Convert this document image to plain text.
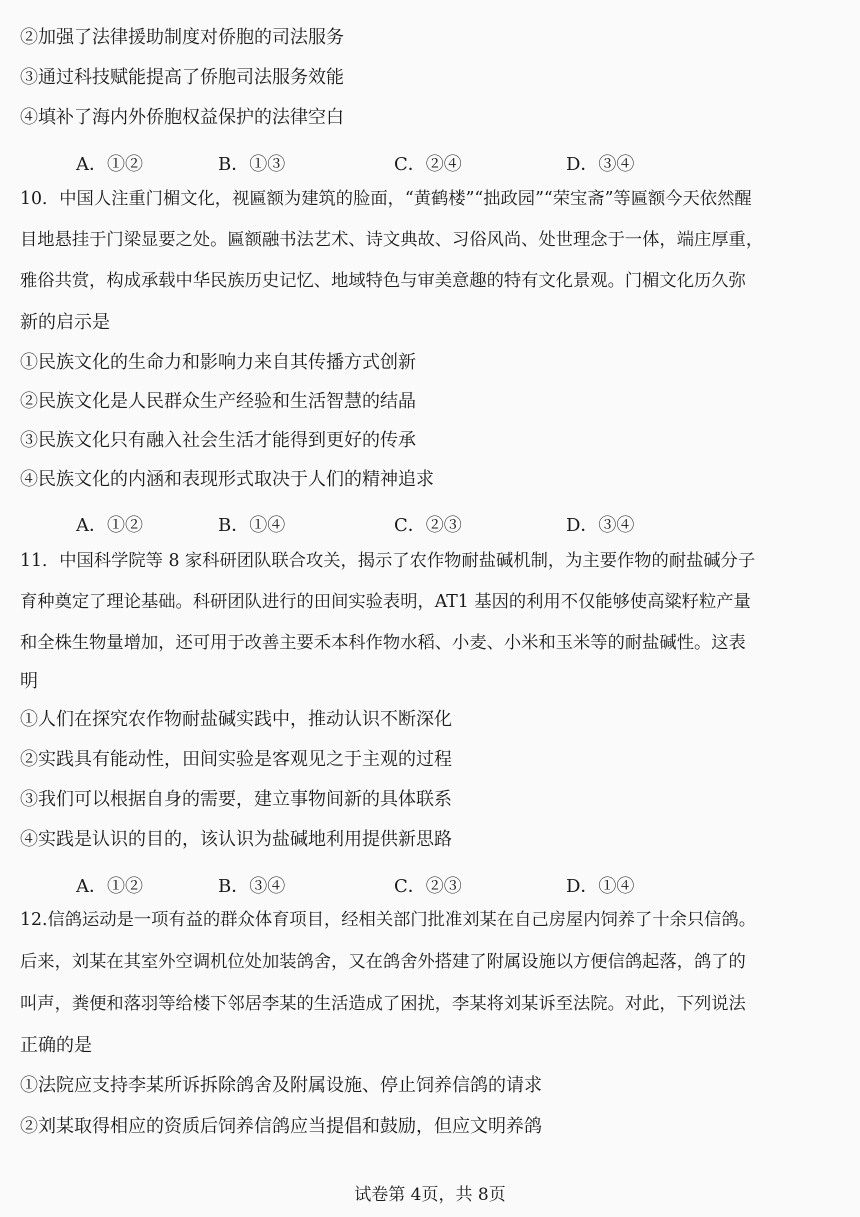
②加强了法律援助制度对侨胞的司法服务
③通过科技赋能提高了侨胞司法服务效能
④填补了海内外侨胞权益保护的法律空白
A．①②	B．①③	C．②④	D．③④
10．中国人注重门楣文化，视匾额为建筑的脸面，“黄鹤楼”“拙政园”“荣宝斋”等匾额今天依然醒
目地悬挂于门梁显要之处。匾额融书法艺术、诗文典故、习俗风尚、处世理念于一体，端庄厚重，
雅俗共赏，构成承载中华民族历史记忆、地域特色与审美意趣的特有文化景观。门楣文化历久弥
新的启示是
①民族文化的生命力和影响力来自其传播方式创新
②民族文化是人民群众生产经验和生活智慧的结晶
③民族文化只有融入社会生活才能得到更好的传承
④民族文化的内涵和表现形式取决于人们的精神追求
A．①②	B．①④	C．②③	D．③④
11．中国科学院等 8 家科研团队联合攻关，揭示了农作物耐盐碱机制，为主要作物的耐盐碱分子
育种奠定了理论基础。科研团队进行的田间实验表明，AT1 基因的利用不仅能够使高粱籽粒产量
和全株生物量增加，还可用于改善主要禾本科作物水稻、小麦、小米和玉米等的耐盐碱性。这表
明
①人们在探究农作物耐盐碱实践中，推动认识不断深化
②实践具有能动性，田间实验是客观见之于主观的过程
③我们可以根据自身的需要，建立事物间新的具体联系
④实践是认识的目的，该认识为盐碱地利用提供新思路
A．①②	B．③④	C．②③	D．①④
12.信鸽运动是一项有益的群众体育项目，经相关部门批准刘某在自己房屋内饲养了十余只信鸽。
后来，刘某在其室外空调机位处加装鸽舍，又在鸽舍外搭建了附属设施以方便信鸽起落，鸽了的
叫声，粪便和落羽等给楼下邻居李某的生活造成了困扰，李某将刘某诉至法院。对此，下列说法
正确的是
①法院应支持李某所诉拆除鸽舍及附属设施、停止饲养信鸽的请求
②刘某取得相应的资质后饲养信鸽应当提倡和鼓励，但应文明养鸽
试卷第 4页，共 8页
